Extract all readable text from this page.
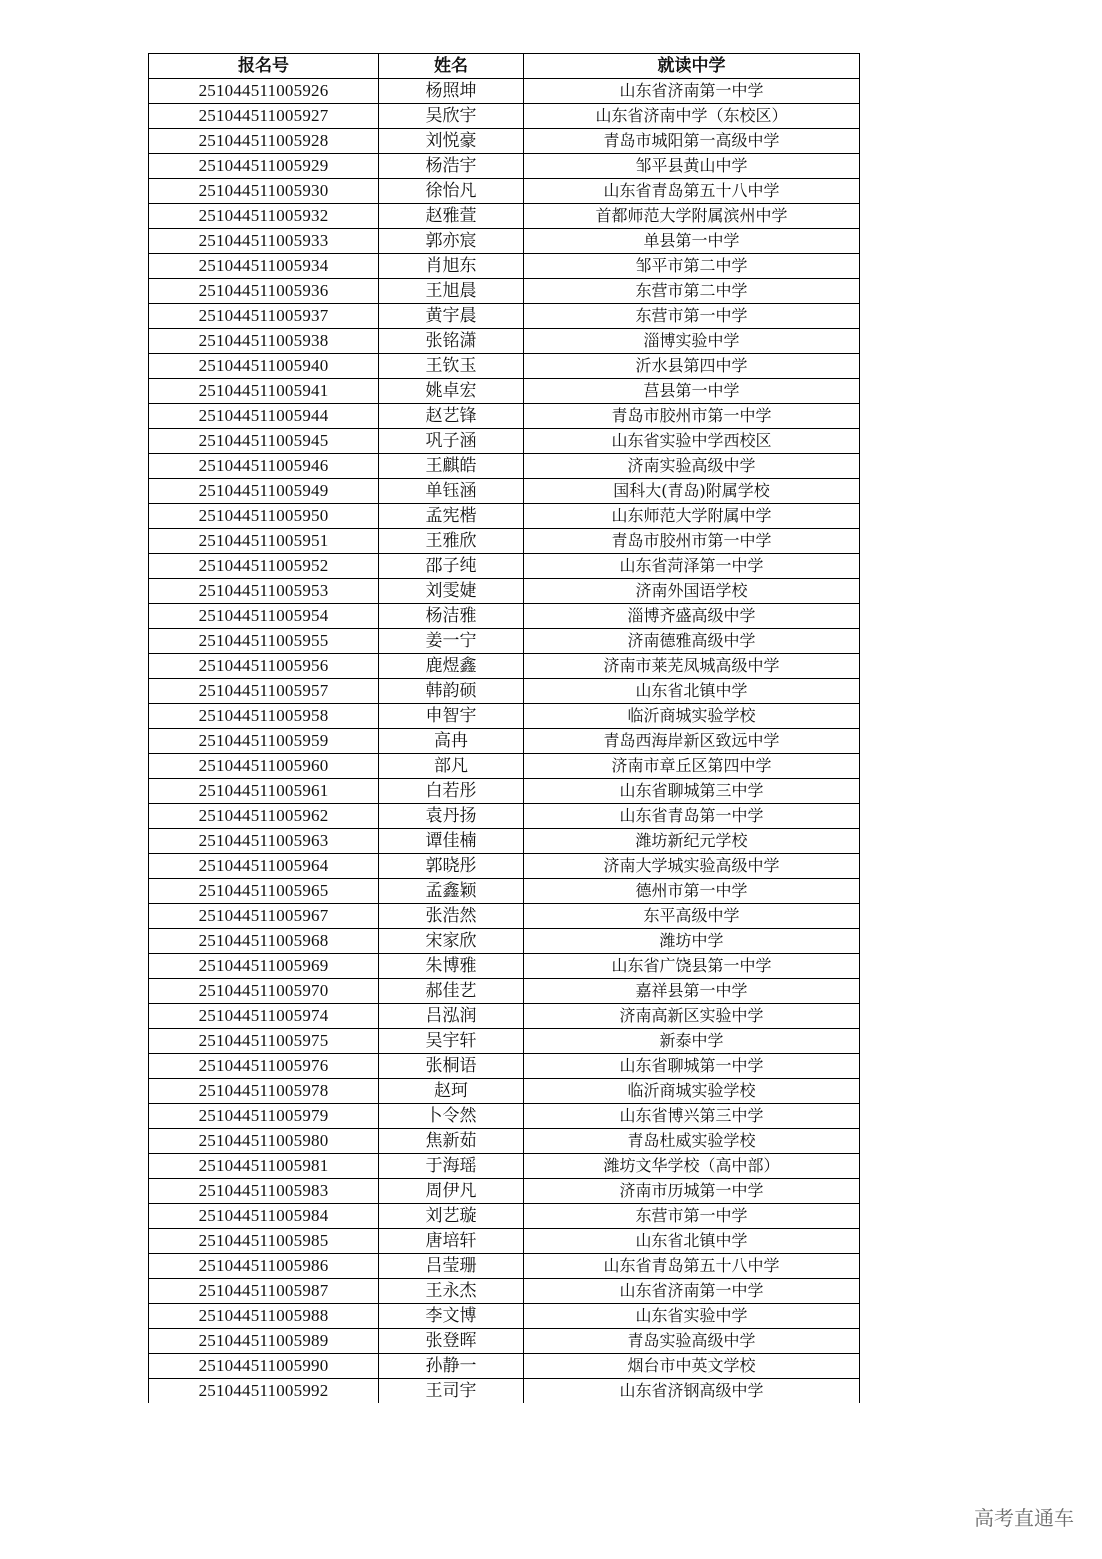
报名号	姓名	就读中学
251044511005926	杨照坤	山东省济南第一中学
251044511005927	吴欣宇	山东省济南中学（东校区）
251044511005928	刘悦豪	青岛市城阳第一高级中学
251044511005929	杨浩宇	邹平县黄山中学
251044511005930	徐怡凡	山东省青岛第五十八中学
251044511005932	赵雅萱	首都师范大学附属滨州中学
251044511005933	郭亦宸	单县第一中学
251044511005934	肖旭东	邹平市第二中学
251044511005936	王旭晨	东营市第二中学
251044511005937	黄宇晨	东营市第一中学
251044511005938	张铭潇	淄博实验中学
251044511005940	王钦玉	沂水县第四中学
251044511005941	姚卓宏	莒县第一中学
251044511005944	赵艺锋	青岛市胶州市第一中学
251044511005945	巩子涵	山东省实验中学西校区
251044511005946	王麒皓	济南实验高级中学
251044511005949	单钰涵	国科大(青岛)附属学校
251044511005950	孟宪楷	山东师范大学附属中学
251044511005951	王雅欣	青岛市胶州市第一中学
251044511005952	邵子纯	山东省菏泽第一中学
251044511005953	刘雯婕	济南外国语学校
251044511005954	杨洁雅	淄博齐盛高级中学
251044511005955	姜一宁	济南德雅高级中学
251044511005956	鹿煜鑫	济南市莱芜凤城高级中学
251044511005957	韩韵硕	山东省北镇中学
251044511005958	申智宇	临沂商城实验学校
251044511005959	高冉	青岛西海岸新区致远中学
251044511005960	部凡	济南市章丘区第四中学
251044511005961	白若彤	山东省聊城第三中学
251044511005962	袁丹扬	山东省青岛第一中学
251044511005963	谭佳楠	潍坊新纪元学校
251044511005964	郭晓彤	济南大学城实验高级中学
251044511005965	孟鑫颖	德州市第一中学
251044511005967	张浩然	东平高级中学
251044511005968	宋家欣	潍坊中学
251044511005969	朱博雅	山东省广饶县第一中学
251044511005970	郝佳艺	嘉祥县第一中学
251044511005974	吕泓润	济南高新区实验中学
251044511005975	吴宇轩	新泰中学
251044511005976	张桐语	山东省聊城第一中学
251044511005978	赵珂	临沂商城实验学校
251044511005979	卜令然	山东省博兴第三中学
251044511005980	焦新茹	青岛杜威实验学校
251044511005981	于海瑶	潍坊文华学校（高中部）
251044511005983	周伊凡	济南市历城第一中学
251044511005984	刘艺璇	东营市第一中学
251044511005985	唐培轩	山东省北镇中学
251044511005986	吕莹珊	山东省青岛第五十八中学
251044511005987	王永杰	山东省济南第一中学
251044511005988	李文博	山东省实验中学
251044511005989	张登晖	青岛实验高级中学
251044511005990	孙静一	烟台市中英文学校
251044511005992	王司宇	山东省济钢高级中学
高考直通车
